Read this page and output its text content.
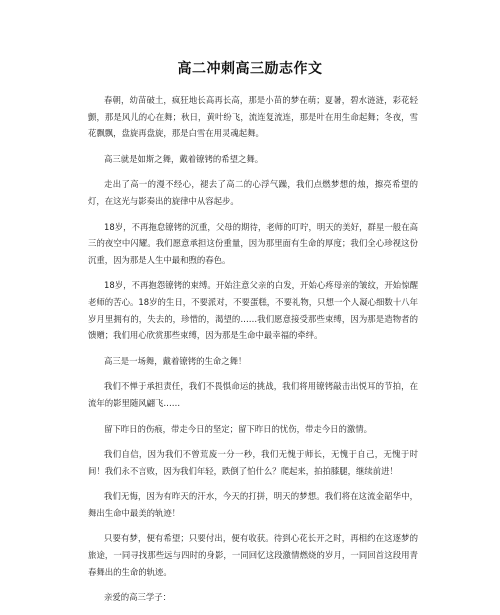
高二冲刺高三励志作文

春朝，幼苗破土，疯狂地长高再长高，那是小苗的梦在萌；夏暑，碧水涟涟，彩花轻颤，那是风儿的心在舞；秋日，黄叶纷飞，流连复流连，那是叶在用生命起舞；冬夜，雪花飘飘，盘旋再盘旋，那是白雪在用灵魂起舞。

高三就是如斯之舞，戴着镣铐的希望之舞。

走出了高一的漫不经心，褪去了高二的心浮气躁，我们点燃梦想的烛，擦亮希望的灯，在这光与影奏出的旋律中从容起步。

18岁，不再拖怠镣铐的沉重，父母的期待，老师的叮咛，明天的美好，群星一般在高三的夜空中闪耀。我们愿意承担这份重量，因为那里面有生命的厚度；我们全心珍视这份沉重，因为那是人生中最和煦的春色。

18岁，不再抱怨镣铐的束缚。开始注意父亲的白发，开始心疼母亲的皱纹，开始惊醒老师的苦心。18岁的生日，不要派对，不要蛋糕，不要礼物，只想一个人凝心细数十八年岁月里拥有的，失去的，珍惜的，渴望的……我们愿意接受那些束缚，因为那是造物者的馈赠；我们用心欣赏那些束缚，因为那是生命中最幸福的牵绊。

高三是一场舞，戴着镣铐的生命之舞！

我们不惮于承担责任，我们不畏惧命运的挑战，我们将用镣铐敲击出悦耳的节拍，在流年的影里随风翩飞……

留下昨日的伤痕，带走今日的坚定；留下昨日的忧伤，带走今日的激情。

我们自信，因为我们不曾荒废一分一秒，我们无愧于师长，无愧于自己，无愧于时间！我们永不言败，因为我们年轻，跌倒了怕什么？爬起来，拍拍膝腿，继续前进！

我们无悔，因为有昨天的汗水，今天的打拼，明天的梦想。我们将在这流金韶华中，舞出生命中最美的轨迹！

只要有梦，便有希望；只要付出，便有收获。待到心花长开之时，再相约在这逐梦的旅途，一同寻找那些远与四时的身影，一同回忆这段激情燃烧的岁月，一同回首这段用青春舞出的生命的轨迹。

亲爱的高三学子：
